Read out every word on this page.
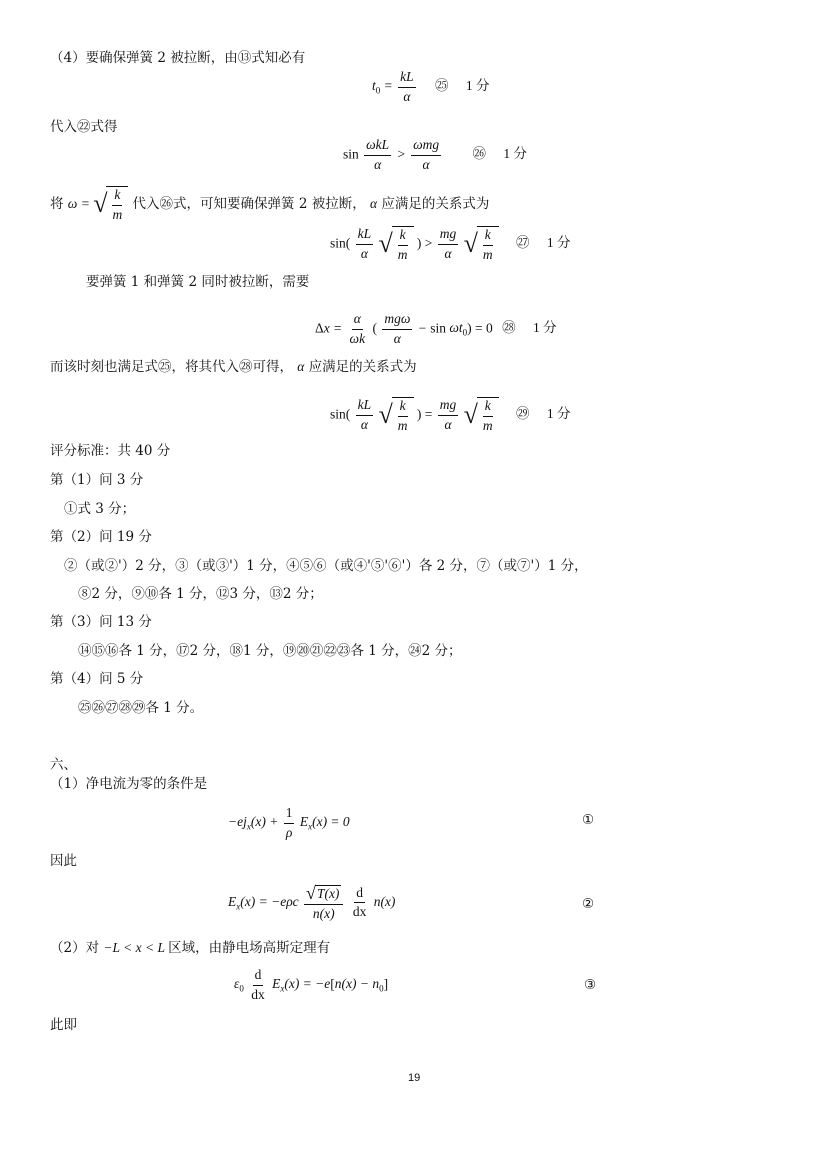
（4）要确保弹簧 2 被拉断，由⑬式知必有
$t_0 = \frac{kL}{\alpha}$ ㉕ 1 分
代入㉒式得
$\sin \frac{\text{ωkL}}{\alpha} > \frac{\text{ωmg}}{\alpha}$ ㉖ 1 分
将 ω = √ $\frac{k}{m}$ 代入㉖式，可知要确保弹簧 2 被拉断， α 应满足的关系式为
$\sin( \frac{kL}{\alpha}$
√ $\frac{k}{m}$ ) > $\frac{mg}{\alpha}$
√ $\frac{k}{m}$ ㉗ 1 分
要弹簧 1 和弹簧 2 同时被拉断，需要
$\Delta x = \frac{\alpha}{\omega k}$ ( $\frac{\text{mgω}}{\alpha} - \sin \omega t_0) = 0$ ㉘ 1 分
而该时刻也满足式㉕，将其代入㉘可得， α 应满足的关系式为
$\sin( \frac{kL}{\alpha}$
√ $\frac{k}{m}$ ) = $\frac{mg}{\alpha}$
√ $\frac{k}{m}$ ㉙ 1 分
评分标准：共 40 分
第（1）问 3 分
①式 3 分；
第（2）问 19 分
②（或②'）2 分，③（或③'）1 分，④⑤⑥（或④'⑤'⑥'）各 2 分，⑦（或⑦'）1 分，
⑧2 分，⑨⑩各 1 分，⑫3 分，⑬2 分；
第（3）问 13 分
⑭⑮⑯各 1 分，⑰2 分，⑱1 分，⑲⑳㉑㉒㉓各 1 分，㉔2 分；
第（4）问 5 分
㉕㉖㉗㉘㉙各 1 分。
六、
（1）净电流为零的条件是
$-ej_x(x) + \frac{1}{\rho} E_x(x) = 0$	①
因此
$E_x(x) = -e\rho c \frac{√ T(x)}{n(x)}$
$\frac{d}{dx} n(x)$	②
（2）对 −L < x < L 区域，由静电场高斯定理有
$\varepsilon_0 \frac{d}{dx} E_x(x) = -e[n(x) - n_0]$	③
此即
19
